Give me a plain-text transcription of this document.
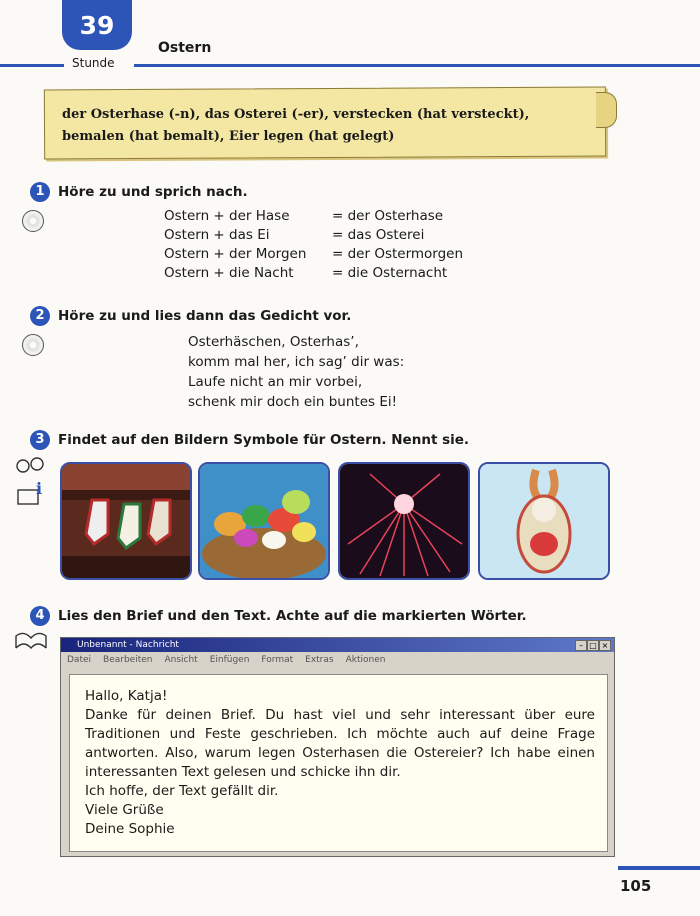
39
Stunde
Ostern
der Osterhase (-n), das Osterei (-er), verstecken (hat versteckt),
bemalen (hat bemalt), Eier legen (hat gelegt)
1 Höre zu und sprich nach.
Ostern + der Hase	= der Osterhase
Ostern + das Ei	= das Osterei
Ostern + der Morgen	= der Ostermorgen
Ostern + die Nacht	= die Osternacht
2 Höre zu und lies dann das Gedicht vor.
Osterhäschen, Osterhas’,
komm mal her, ich sag’ dir was:
Laufe nicht an mir vorbei,
schenk mir doch ein buntes Ei!
3 Findet auf den Bildern Symbole für Ostern. Nennt sie.
i
4 Lies den Brief und den Text. Achte auf die markierten Wörter.
Unbenannt - Nachricht	– □ ×
Datei Bearbeiten Ansicht Einfügen Format Extras Aktionen
Hallo, Katja!
Danke für deinen Brief. Du hast viel und sehr interessant über eure Traditionen und Feste geschrieben. Ich möchte auch auf deine Frage antworten. Also, warum legen Osterhasen die Ostereier? Ich habe einen interessanten Text gelesen und schicke ihn dir.
Ich hoffe, der Text gefällt dir.
Viele Grüße
Deine Sophie
105
